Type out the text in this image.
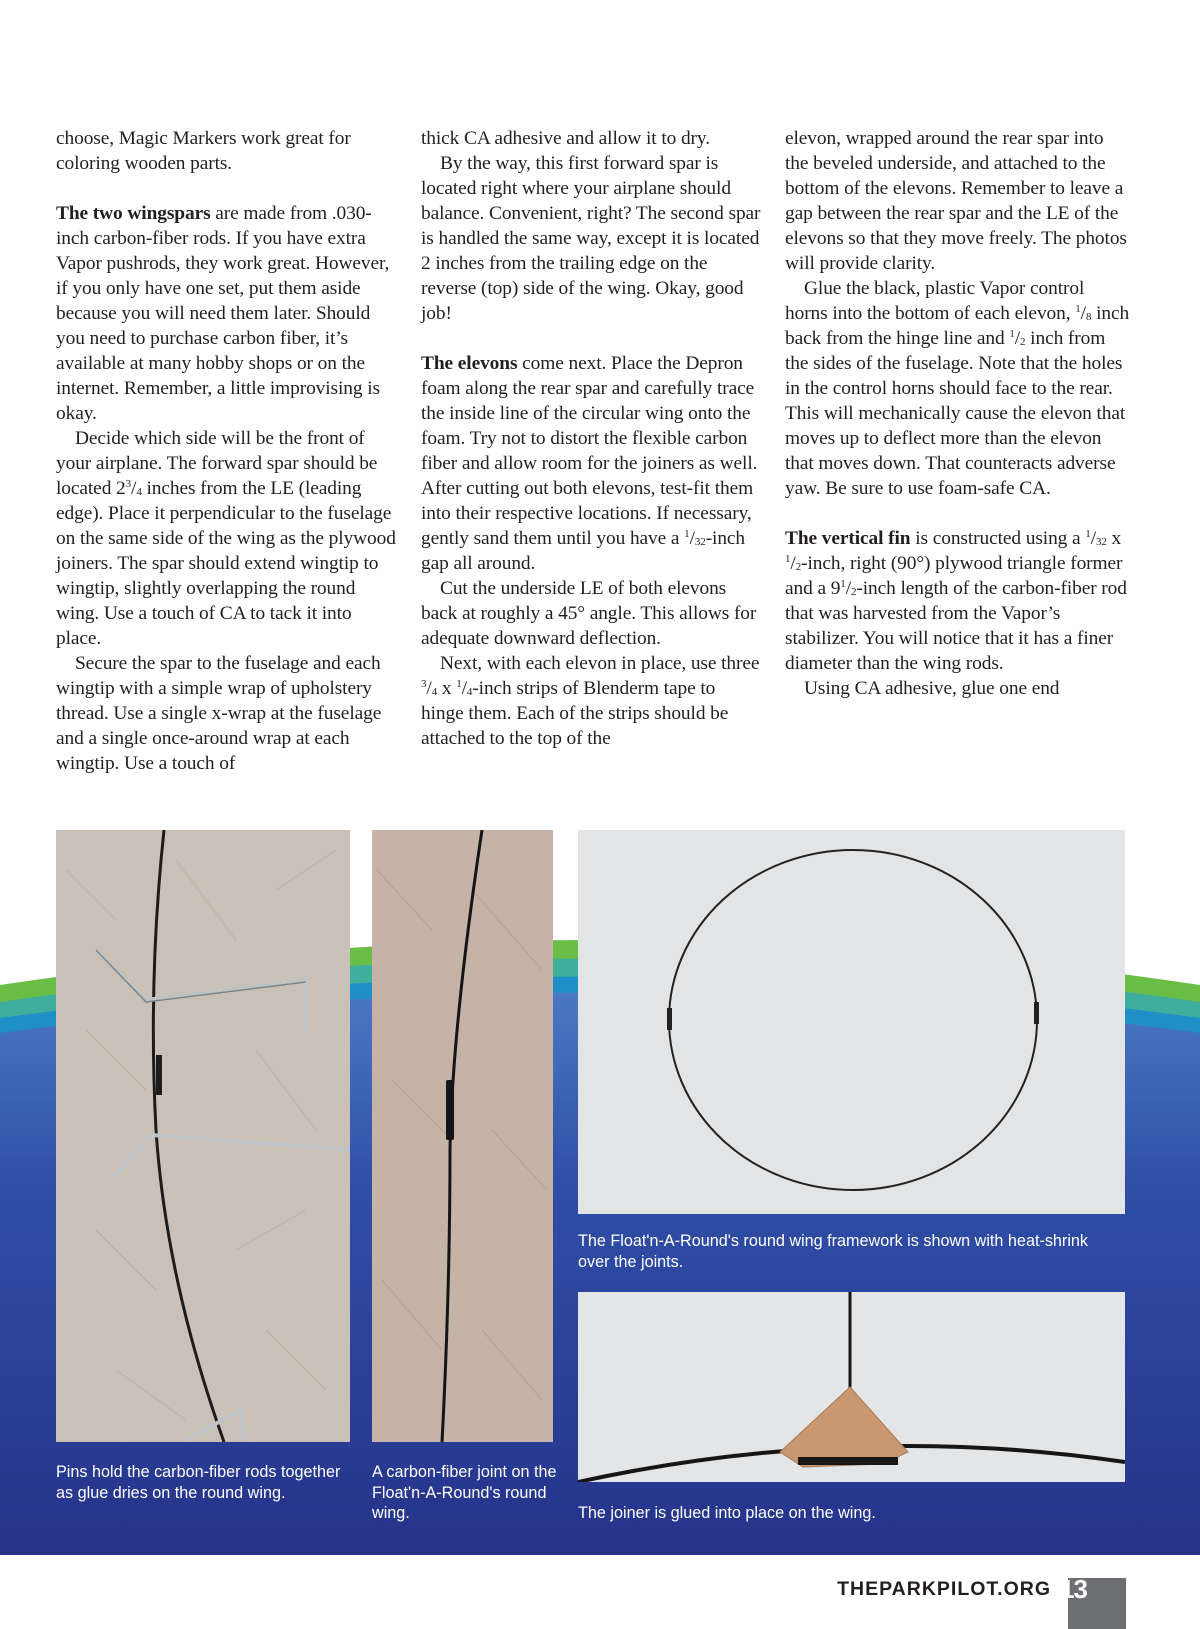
choose, Magic Markers work great for coloring wooden parts.

The two wingspars are made from .030-inch carbon-fiber rods. If you have extra Vapor pushrods, they work great. However, if you only have one set, put them aside because you will need them later. Should you need to purchase carbon fiber, it’s available at many hobby shops or on the internet. Remember, a little improvising is okay.

Decide which side will be the front of your airplane. The forward spar should be located $2^3/_4$ inches from the LE (leading edge). Place it perpendicular to the fuselage on the same side of the wing as the plywood joiners. The spar should extend wingtip to wingtip, slightly overlapping the round wing. Use a touch of CA to tack it into place.

Secure the spar to the fuselage and each wingtip with a simple wrap of upholstery thread. Use a single x-wrap at the fuselage and a single once-around wrap at each wingtip. Use a touch of

thick CA adhesive and allow it to dry.

By the way, this first forward spar is located right where your airplane should balance. Convenient, right? The second spar is handled the same way, except it is located 2 inches from the trailing edge on the reverse (top) side of the wing. Okay, good job!

The elevons come next. Place the Depron foam along the rear spar and carefully trace the inside line of the circular wing onto the foam. Try not to distort the flexible carbon fiber and allow room for the joiners as well. After cutting out both elevons, test-fit them into their respective locations. If necessary, gently sand them until you have a $^1/_{32}$-inch gap all around.

Cut the underside LE of both elevons back at roughly a 45° angle. This allows for adequate downward deflection.

Next, with each elevon in place, use three $^3/_4$ x $^1/_4$-inch strips of Blenderm tape to hinge them. Each of the strips should be attached to the top of the

elevon, wrapped around the rear spar into the beveled underside, and attached to the bottom of the elevons. Remember to leave a gap between the rear spar and the LE of the elevons so that they move freely. The photos will provide clarity.

Glue the black, plastic Vapor control horns into the bottom of each elevon, $^1/_8$ inch back from the hinge line and $^1/_2$ inch from the sides of the fuselage. Note that the holes in the control horns should face to the rear. This will mechanically cause the elevon that moves up to deflect more than the elevon that moves down. That counteracts adverse yaw. Be sure to use foam-safe CA.

The vertical fin is constructed using a $^1/_{32}$ x $^1/_2$-inch, right (90°) plywood triangle former and a $9^1/_2$-inch length of the carbon-fiber rod that was harvested from the Vapor’s stabilizer. You will notice that it has a finer diameter than the wing rods.

Using CA adhesive, glue one end

Pins hold the carbon-fiber rods together as glue dries on the round wing.
A carbon-fiber joint on the Float'n-A-Round's round wing.
The Float'n-A-Round's round wing framework is shown with heat-shrink over the joints.
The joiner is glued into place on the wing.
THEPARKPILOT.ORG 13
